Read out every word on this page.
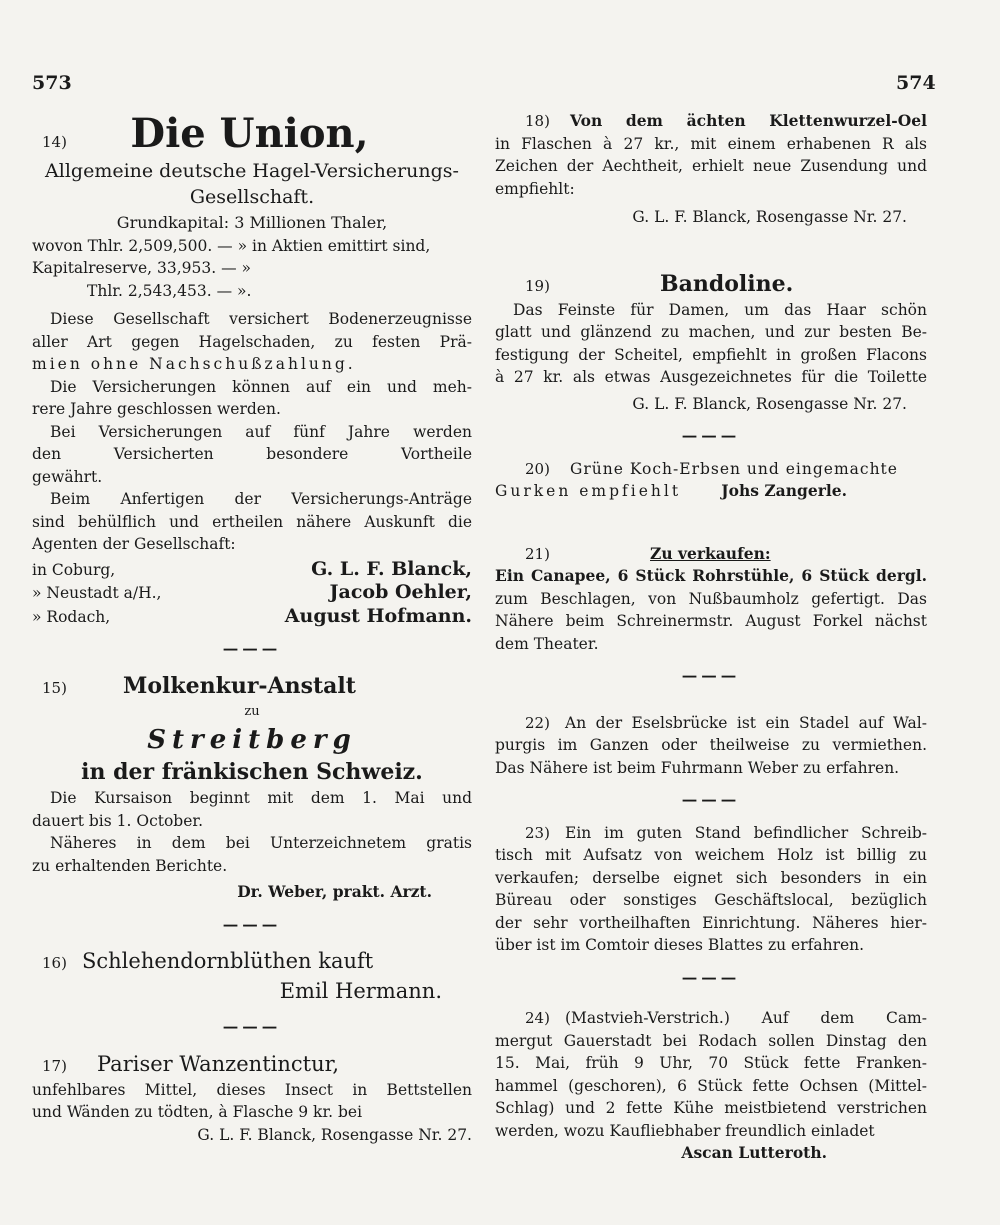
573	574
14)	Die Union,
Allgemeine deutsche Hagel-Versicherungs-
Gesellschaft.
Grundkapital: 3 Millionen Thaler,
wovon Thlr. 2,509,500. — » in Aktien emittirt sind,
Kapitalreserve, 33,953. — »
Thlr. 2,543,453. — ».
Diese Gesellschaft versichert Bodenerzeugnisse
aller Art gegen Hagelschaden, zu festen Prä-
mien ohne Nachschußzahlung.
Die Versicherungen können auf ein und meh-
rere Jahre geschlossen werden.
Bei Versicherungen auf fünf Jahre werden
den Versicherten besondere Vortheile
gewährt.
Beim Anfertigen der Versicherungs-Anträge
sind behülflich und ertheilen nähere Auskunft die
Agenten der Gesellschaft:
in Coburg,	G. L. F. Blanck,
» Neustadt a/H.,	Jacob Oehler,
» Rodach,	August Hofmann.
———
15)	Molkenkur-Anstalt
zu
Streitberg
in der fränkischen Schweiz.
Die Kursaison beginnt mit dem 1. Mai und
dauert bis 1. October.
Näheres in dem bei Unterzeichnetem gratis
zu erhaltenden Berichte.
Dr. Weber, prakt. Arzt.
———
16) Schlehendornblüthen kauft
Emil Hermann.
———
17)	Pariser Wanzentinctur,
unfehlbares Mittel, dieses Insect in Bettstellen
und Wänden zu tödten, à Flasche 9 kr. bei
G. L. F. Blanck, Rosengasse Nr. 27.
18)	Von dem ächten Klettenwurzel-Oel
in Flaschen à 27 kr., mit einem erhabenen R als
Zeichen der Aechtheit, erhielt neue Zusendung und
empfiehlt:
G. L. F. Blanck, Rosengasse Nr. 27.
19)	Bandoline.
Das Feinste für Damen, um das Haar schön
glatt und glänzend zu machen, und zur besten Be-
festigung der Scheitel, empfiehlt in großen Flacons
à 27 kr. als etwas Ausgezeichnetes für die Toilette
G. L. F. Blanck, Rosengasse Nr. 27.
———
20)	Grüne Koch-Erbsen und eingemachte
Gurken empfiehlt	Johs Zangerle.
21)	Zu verkaufen:
Ein Canapee, 6 Stück Rohrstühle, 6 Stück dergl.
zum Beschlagen, von Nußbaumholz gefertigt. Das
Nähere beim Schreinermstr. August Forkel nächst
dem Theater.
———
22) An der Eselsbrücke ist ein Stadel auf Wal-
purgis im Ganzen oder theilweise zu vermiethen.
Das Nähere ist beim Fuhrmann Weber zu erfahren.
———
23) Ein im guten Stand befindlicher Schreib-
tisch mit Aufsatz von weichem Holz ist billig zu
verkaufen; derselbe eignet sich besonders in ein
Büreau oder sonstiges Geschäftslocal, bezüglich
der sehr vortheilhaften Einrichtung. Näheres hier-
über ist im Comtoir dieses Blattes zu erfahren.
———
24) (Mastvieh-Verstrich.) Auf dem Cam-
mergut Gauerstadt bei Rodach sollen Dinstag den
15. Mai, früh 9 Uhr, 70 Stück fette Franken-
hammel (geschoren), 6 Stück fette Ochsen (Mittel-
Schlag) und 2 fette Kühe meistbietend verstrichen
werden, wozu Kaufliebhaber freundlich einladet
Ascan Lutteroth.
